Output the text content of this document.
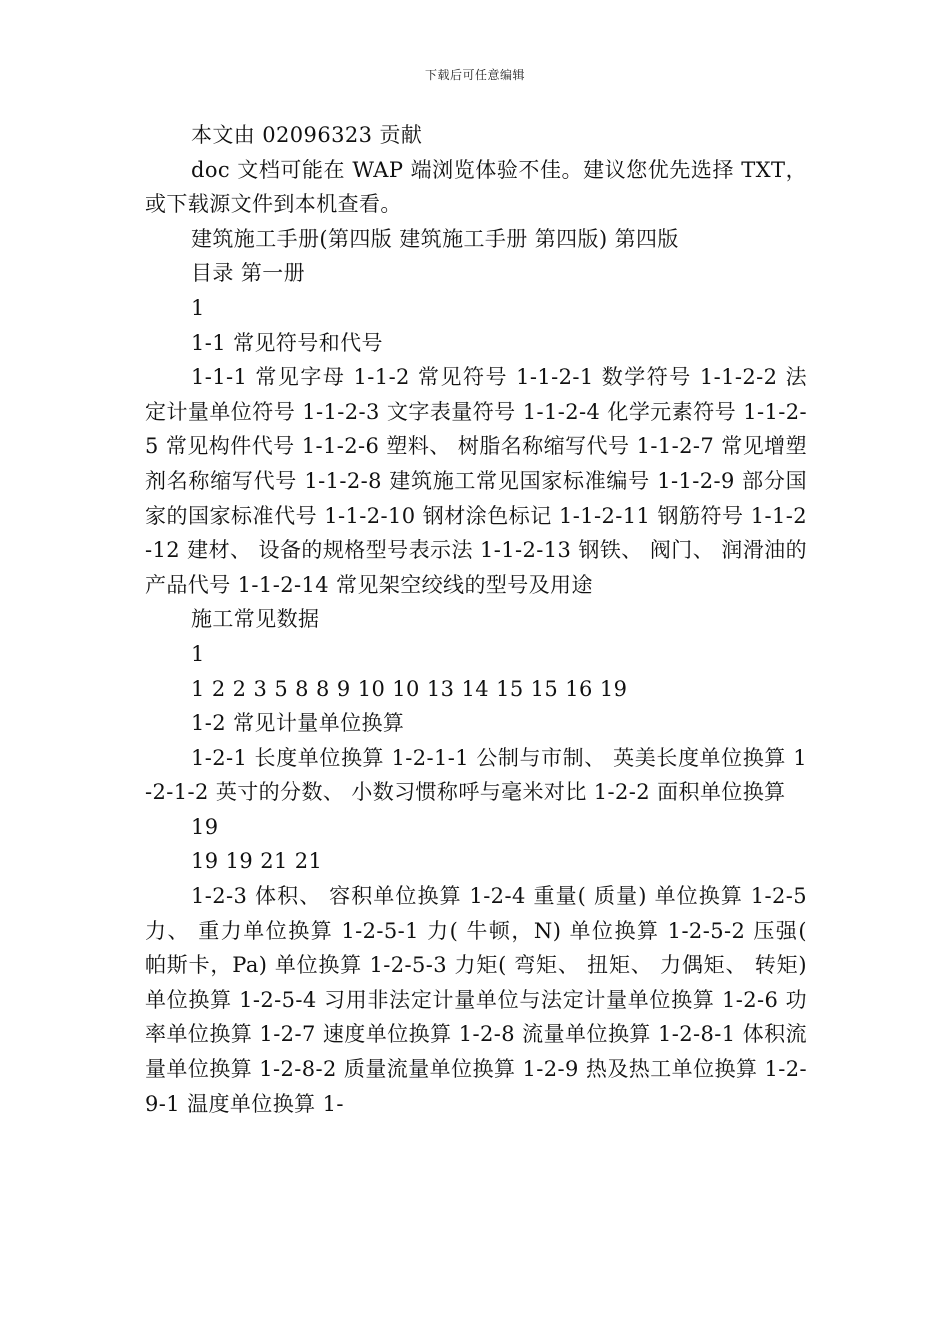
下载后可任意编辑

本文由 02096323 贡献

doc 文档可能在 WAP 端浏览体验不佳。建议您优先选择 TXT，或下载源文件到本机查看。

建筑施工手册(第四版 建筑施工手册 第四版) 第四版

目录 第一册

1

1-1 常见符号和代号

1-1-1 常见字母 1-1-2 常见符号 1-1-2-1 数学符号 1-1-2-2 法定计量单位符号 1-1-2-3 文字表量符号 1-1-2-4 化学元素符号 1-1-2-5 常见构件代号 1-1-2-6 塑料、 树脂名称缩写代号 1-1-2-7 常见增塑剂名称缩写代号 1-1-2-8 建筑施工常见国家标准编号 1-1-2-9 部分国家的国家标准代号 1-1-2-10 钢材涂色标记 1-1-2-11 钢筋符号 1-1-2-12 建材、 设备的规格型号表示法 1-1-2-13 钢铁、 阀门、 润滑油的产品代号 1-1-2-14 常见架空绞线的型号及用途

施工常见数据

1

1 2 2 3 5 8 8 9 10 10 13 14 15 15 16 19

1-2 常见计量单位换算

1-2-1 长度单位换算 1-2-1-1 公制与市制、 英美长度单位换算 1-2-1-2 英寸的分数、 小数习惯称呼与毫米对比 1-2-2 面积单位换算

19

19 19 21 21

1-2-3 体积、 容积单位换算 1-2-4 重量( 质量) 单位换算 1-2-5 力、 重力单位换算 1-2-5-1 力( 牛顿，N) 单位换算 1-2-5-2 压强( 帕斯卡，Pa) 单位换算 1-2-5-3 力矩( 弯矩、 扭矩、 力偶矩、 转矩) 单位换算 1-2-5-4 习用非法定计量单位与法定计量单位换算 1-2-6 功率单位换算 1-2-7 速度单位换算 1-2-8 流量单位换算 1-2-8-1 体积流量单位换算 1-2-8-2 质量流量单位换算 1-2-9 热及热工单位换算 1-2-9-1 温度单位换算 1-
